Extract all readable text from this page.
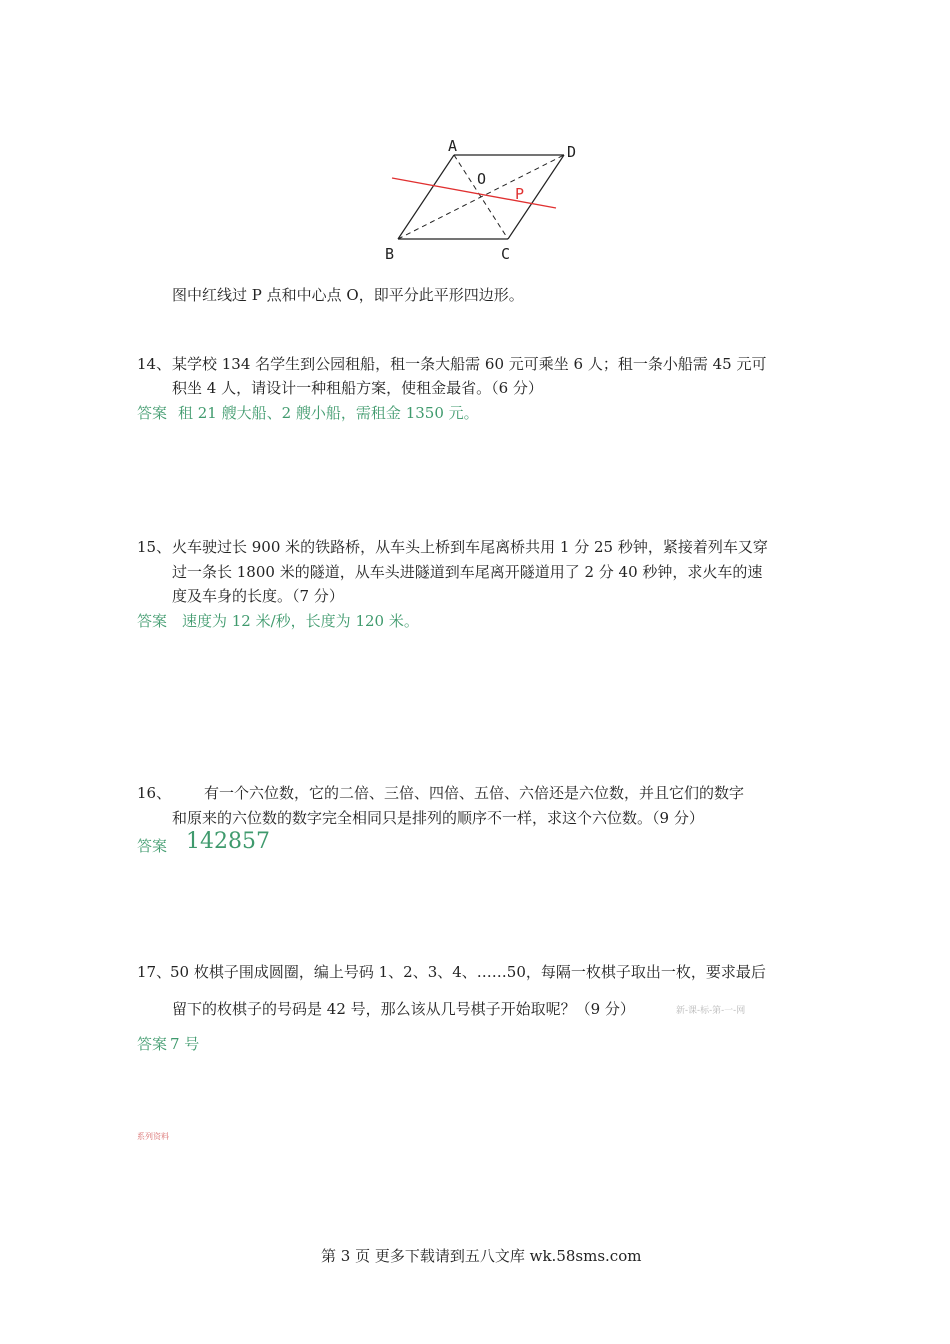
A	D
O
P
B	C
图中红线过 P 点和中心点 O，即平分此平形四边形。
14、 某学校 134 名学生到公园租船，租一条大船需 60 元可乘坐 6 人；租一条小船需 45 元可
积坐 4 人，请设计一种租船方案，使租金最省。（6 分）
答案 租 21 艘大船、2 艘小船，需租金 1350 元。
15、 火车驶过长 900 米的铁路桥，从车头上桥到车尾离桥共用 1 分 25 秒钟，紧接着列车又穿
过一条长 1800 米的隧道，从车头进隧道到车尾离开隧道用了 2 分 40 秒钟，求火车的速
度及车身的长度。（7 分）
答案 速度为 12 米/秒，长度为 120 米。
16、 有一个六位数，它的二倍、三倍、四倍、五倍、六倍还是六位数，并且它们的数字
和原来的六位数的数字完全相同只是排列的顺序不一样，求这个六位数。（9 分）
答案 142857
17、
50 枚棋子围成圆圈，编上号码 1、2、3、4、……50，每隔一枚棋子取出一枚，要求最后
留下的枚棋子的号码是 42 号，那么该从几号棋子开始取呢？（9 分）	新-课-标-第-一-网
答案 7 号
系列资料
第 3 页 更多下载请到五八文库 wk.58sms.com
